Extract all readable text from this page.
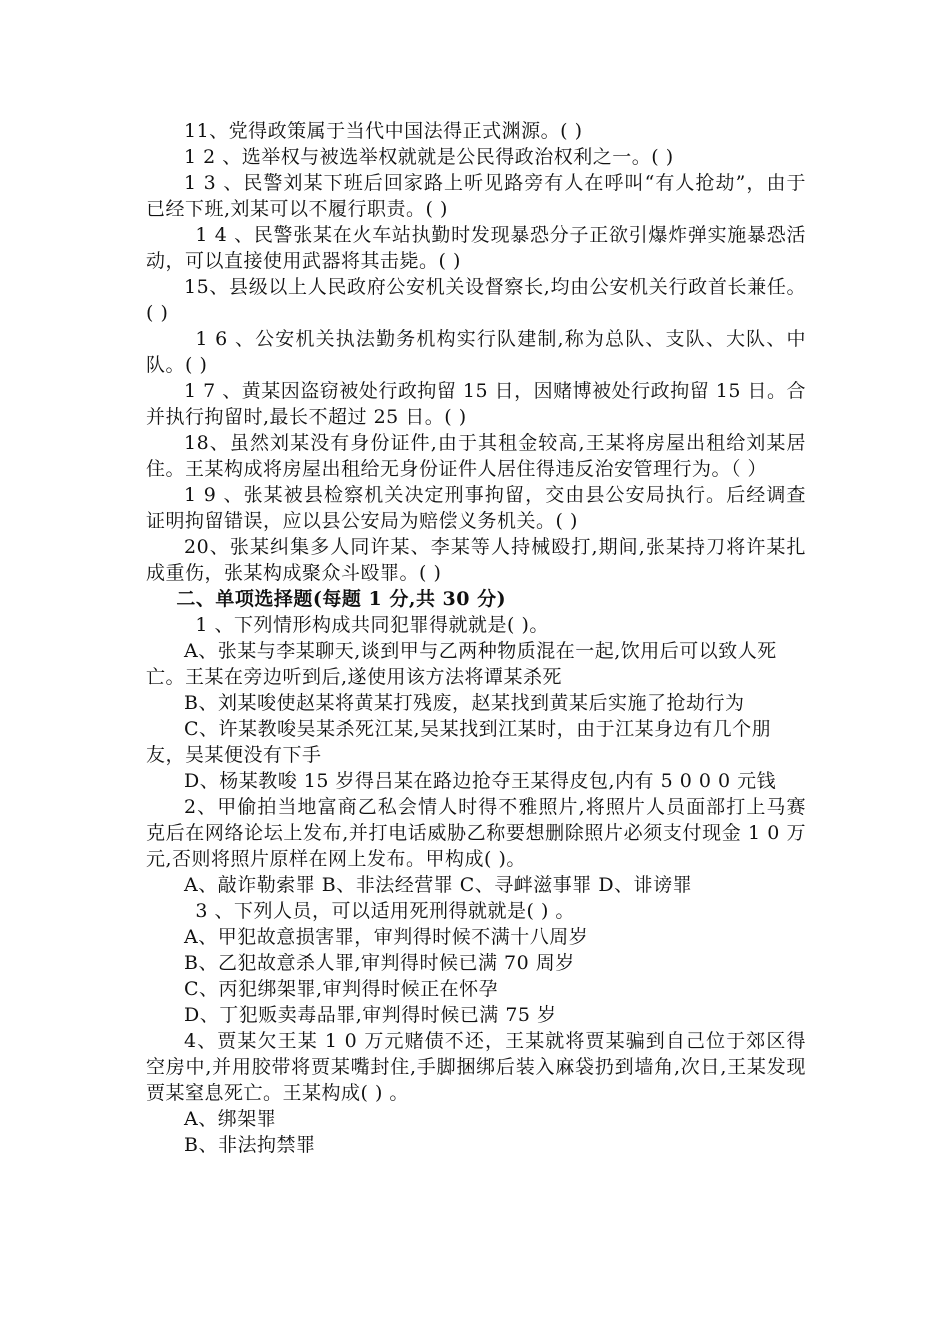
11、党得政策属于当代中国法得正式渊源。( )

1 2 、选举权与被选举权就就是公民得政治权利之一。( )

1 3 、民警刘某下班后回家路上听见路旁有人在呼叫“有人抢劫”，由于已经下班,刘某可以不履行职责。( )

1 4 、民警张某在火车站执勤时发现暴恐分子正欲引爆炸弹实施暴恐活动，可以直接使用武器将其击毙。( )

15、县级以上人民政府公安机关设督察长,均由公安机关行政首长兼任。( )

1 6 、公安机关执法勤务机构实行队建制,称为总队、支队、大队、中队。( )

1 7 、黄某因盗窃被处行政拘留 15 日，因赌博被处行政拘留 15 日。合并执行拘留时,最长不超过 25 日。( )

18、虽然刘某没有身份证件,由于其租金较高,王某将房屋出租给刘某居住。王某构成将房屋出租给无身份证件人居住得违反治安管理行为。（ ）

1 9 、张某被县检察机关决定刑事拘留，交由县公安局执行。后经调查证明拘留错误，应以县公安局为赔偿义务机关。( )

20、张某纠集多人同许某、李某等人持械殴打,期间,张某持刀将许某扎成重伤，张某构成聚众斗殴罪。( )

二、单项选择题(每题 1 分,共 30 分)

1 、下列情形构成共同犯罪得就就是( )。

A、张某与李某聊天,谈到甲与乙两种物质混在一起,饮用后可以致人死亡。王某在旁边听到后,遂使用该方法将谭某杀死

B、刘某唆使赵某将黄某打残废，赵某找到黄某后实施了抢劫行为

C、许某教唆吴某杀死江某,吴某找到江某时，由于江某身边有几个朋友，吴某便没有下手

D、杨某教唆 15 岁得吕某在路边抢夺王某得皮包,内有 5 0 0 0 元钱

2、甲偷拍当地富商乙私会情人时得不雅照片,将照片人员面部打上马赛克后在网络论坛上发布,并打电话威胁乙称要想删除照片必须支付现金 1 0 万元,否则将照片原样在网上发布。甲构成( )。

A、敲诈勒索罪 B、非法经营罪 C、寻衅滋事罪 D、诽谤罪

3 、下列人员，可以适用死刑得就就是( ) 。

A、甲犯故意损害罪，审判得时候不满十八周岁

B、乙犯故意杀人罪,审判得时候已满 70 周岁

C、丙犯绑架罪,审判得时候正在怀孕

D、丁犯贩卖毒品罪,审判得时候已满 75 岁

4、贾某欠王某 1 0 万元赌债不还，王某就将贾某骗到自己位于郊区得空房中,并用胶带将贾某嘴封住,手脚捆绑后装入麻袋扔到墙角,次日,王某发现贾某窒息死亡。王某构成( ) 。

A、绑架罪

B、非法拘禁罪
